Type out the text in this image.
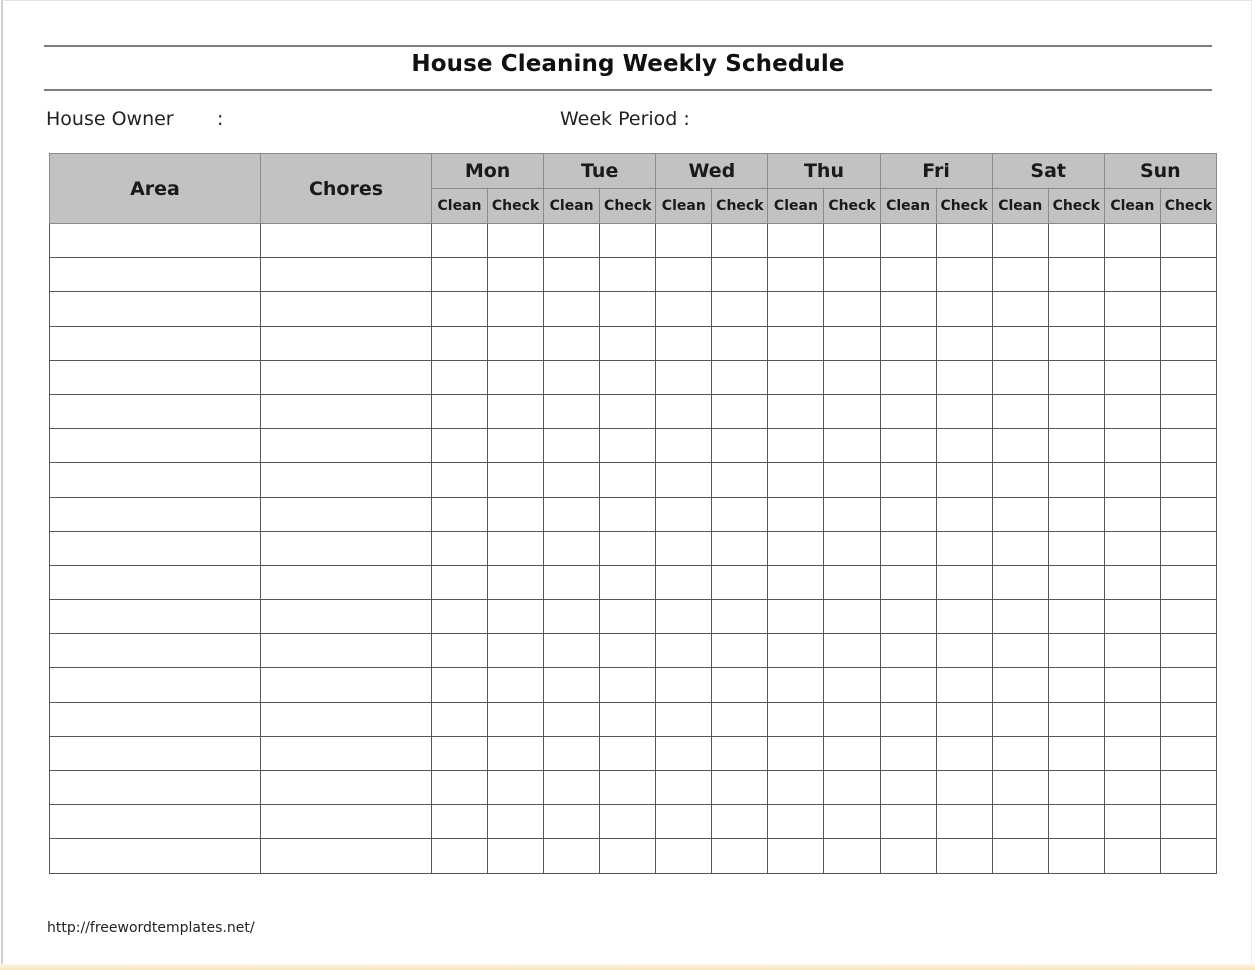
House Cleaning Weekly Schedule
House Owner :	Week Period :
Area	Chores	Mon		Tue		Wed		Thu		Fri		Sat		Sun	
		Clean	Check	Clean	Check	Clean	Check	Clean	Check	Clean	Check	Clean	Check	Clean	Check

http://freewordtemplates.net/
